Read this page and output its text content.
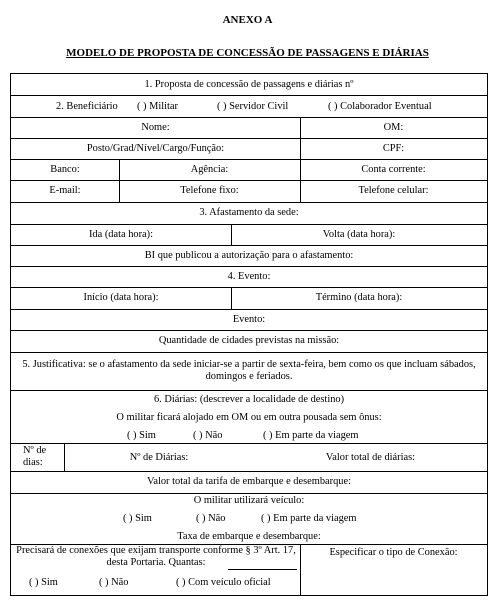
ANEXO A
MODELO DE PROPOSTA DE CONCESSÃO DE PASSAGENS E DIÁRIAS
1. Proposta de concessão de passagens e diárias nº
2. Beneficiário ( ) Militar	( ) Servidor Civil	( ) Colaborador Eventual
Nome:	OM:
Posto/Grad/Nível/Cargo/Função:	CPF:
Banco:	Agência:	Conta corrente:
E-mail:	Telefone fixo:	Telefone celular:
3. Afastamento da sede:
Ida (data hora):	Volta (data hora):
BI que publicou a autorização para o afastamento:
4. Evento:
Início (data hora):	Término (data hora):
Evento:
Quantidade de cidades previstas na missão:
5. Justificativa: se o afastamento da sede iniciar-se a partir de sexta-feira, bem como os que incluam sábados, domingos e feriados.
6. Diárias: (descrever a localidade de destino)
O militar ficará alojado em OM ou em outra pousada sem ônus:
( ) Sim	( ) Não	( ) Em parte da viagem
Nº de dias:	Nº de Diárias:	Valor total de diárias:
Valor total da tarifa de embarque e desembarque:
O militar utilizará veículo:
( ) Sim	( ) Não	( ) Em parte da viagem
Taxa de embarque e desembarque:
Precisará de conexões que exijam transporte conforme § 3º Art. 17, desta Portaria. Quantas:
( ) Sim	( ) Não	( ) Com veículo oficial
Especificar o tipo de Conexão:
